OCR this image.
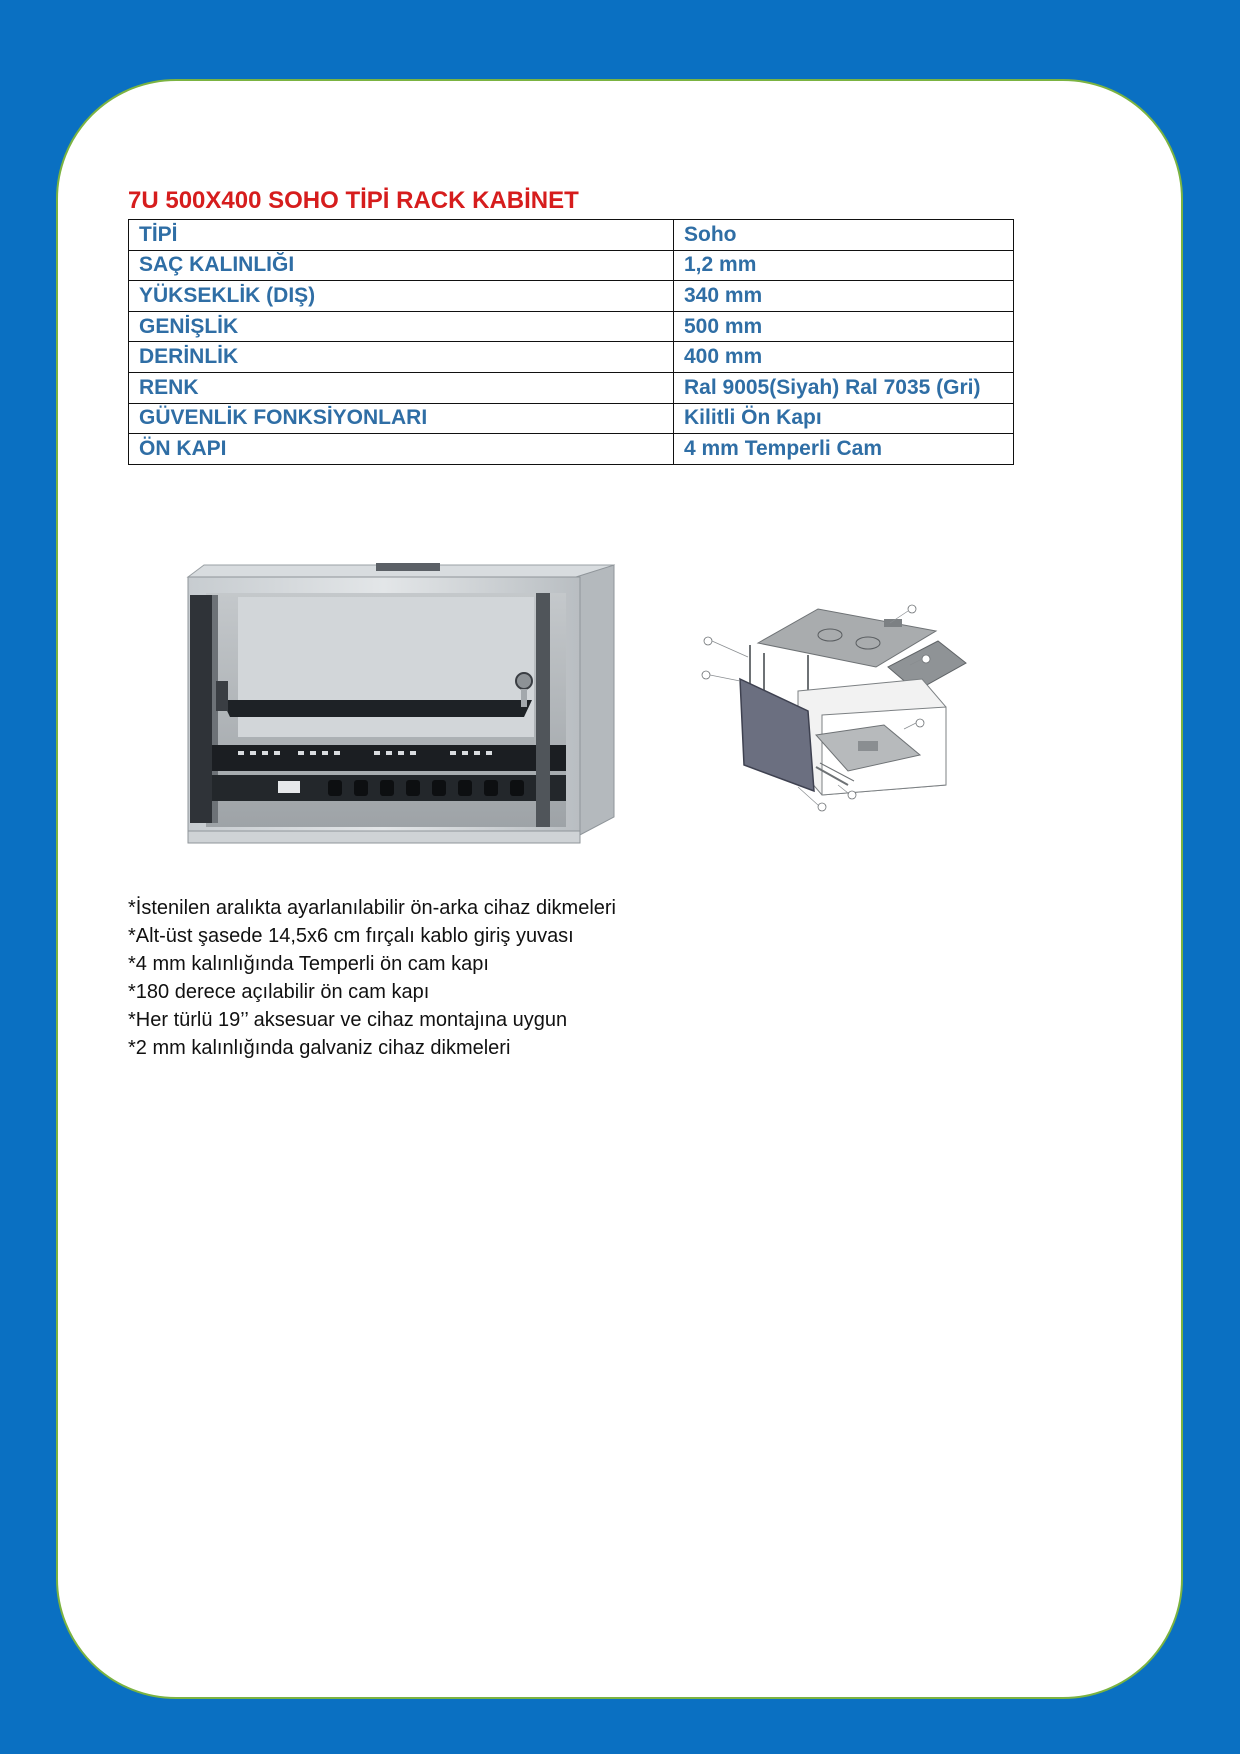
7U 500X400 SOHO TİPİ RACK KABİNET
TİPİ	Soho
SAÇ KALINLIĞI	1,2 mm
YÜKSEKLİK (DIŞ)	340 mm
GENİŞLİK	500 mm
DERİNLİK	400 mm
RENK	Ral 9005(Siyah) Ral 7035 (Gri)
GÜVENLİK FONKSİYONLARI	Kilitli Ön Kapı
ÖN KAPI	4 mm Temperli Cam
*İstenilen aralıkta ayarlanılabilir ön-arka cihaz dikmeleri
*Alt-üst şasede 14,5x6 cm fırçalı kablo giriş yuvası
*4 mm kalınlığında Temperli ön cam kapı
*180 derece açılabilir ön cam kapı
*Her türlü 19’’ aksesuar ve cihaz montajına uygun
*2 mm kalınlığında galvaniz cihaz dikmeleri
